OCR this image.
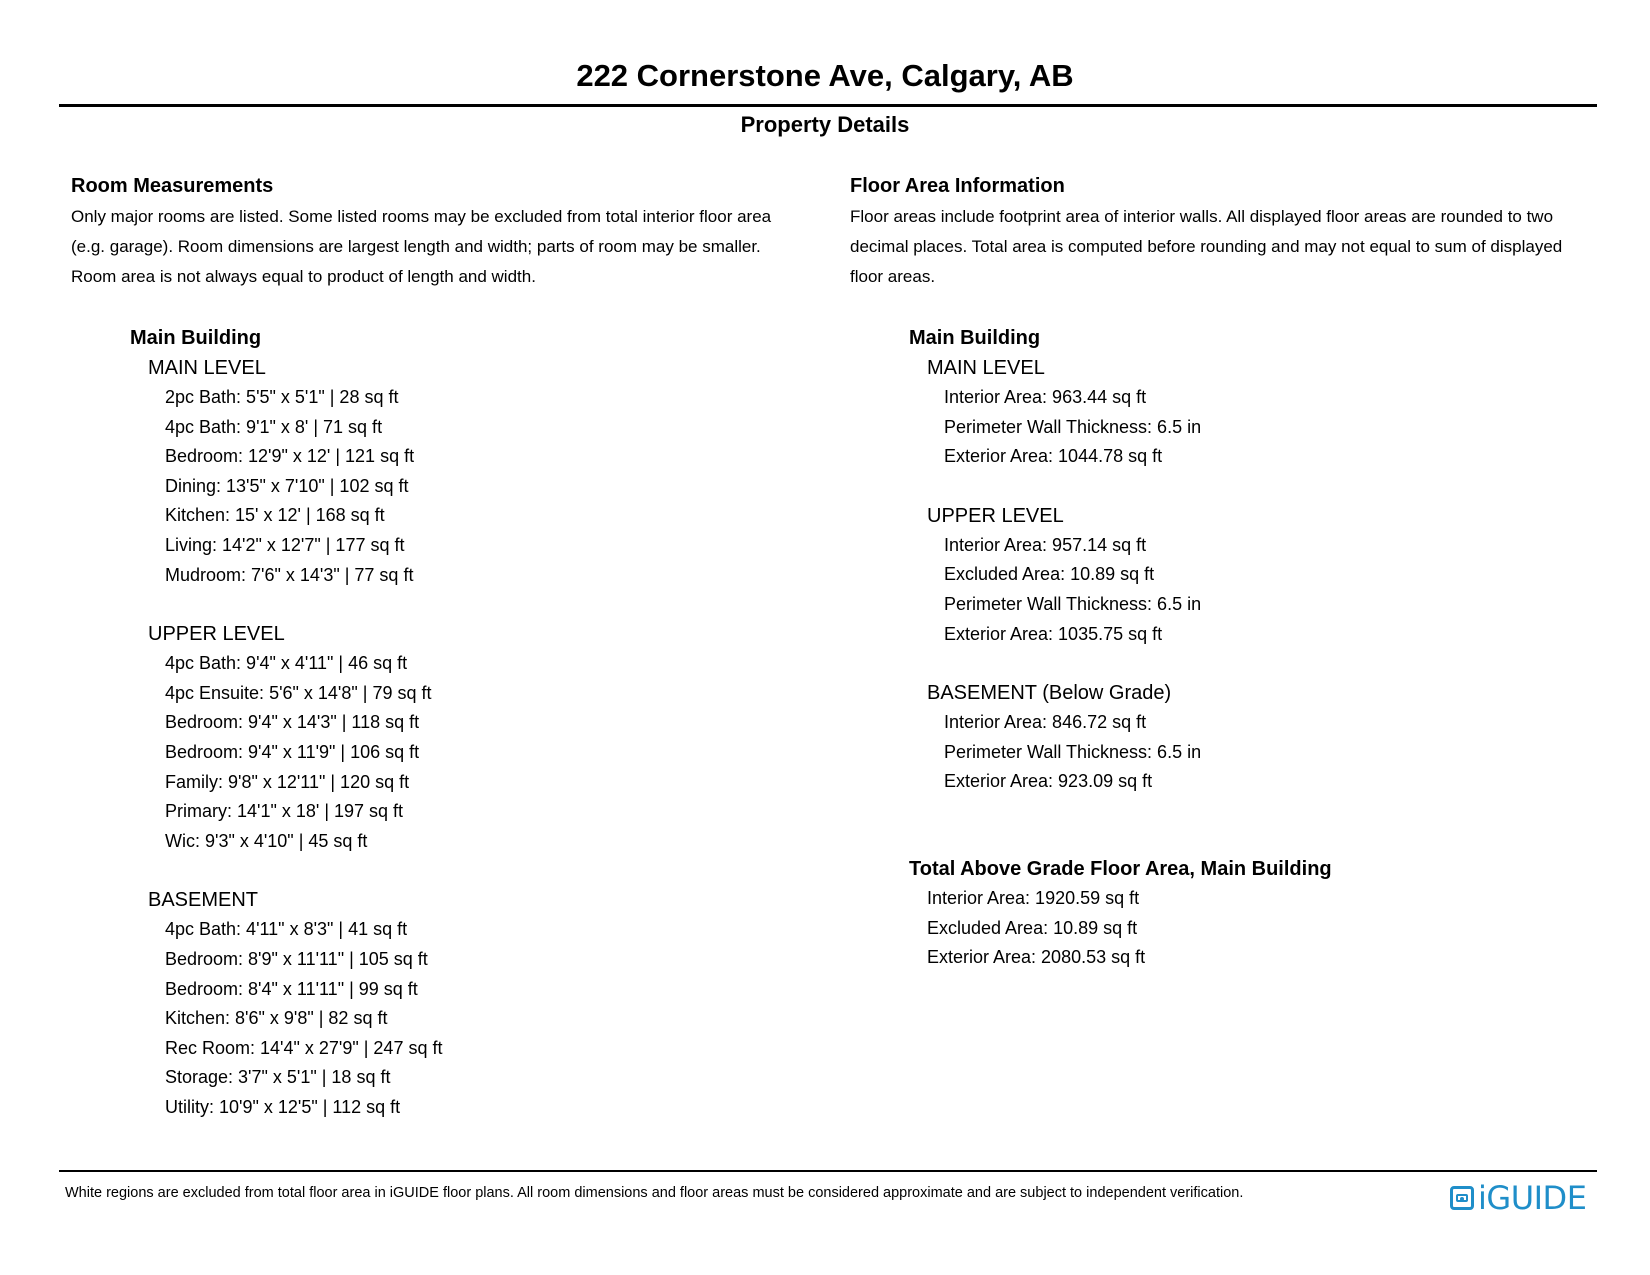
222 Cornerstone Ave, Calgary, AB
Property Details
Room Measurements
Only major rooms are listed. Some listed rooms may be excluded from total interior floor area
(e.g. garage). Room dimensions are largest length and width; parts of room may be smaller.
Room area is not always equal to product of length and width.
Main Building
MAIN LEVEL
2pc Bath: 5'5" x 5'1" | 28 sq ft
4pc Bath: 9'1" x 8' | 71 sq ft
Bedroom: 12'9" x 12' | 121 sq ft
Dining: 13'5" x 7'10" | 102 sq ft
Kitchen: 15' x 12' | 168 sq ft
Living: 14'2" x 12'7" | 177 sq ft
Mudroom: 7'6" x 14'3" | 77 sq ft
UPPER LEVEL
4pc Bath: 9'4" x 4'11" | 46 sq ft
4pc Ensuite: 5'6" x 14'8" | 79 sq ft
Bedroom: 9'4" x 14'3" | 118 sq ft
Bedroom: 9'4" x 11'9" | 106 sq ft
Family: 9'8" x 12'11" | 120 sq ft
Primary: 14'1" x 18' | 197 sq ft
Wic: 9'3" x 4'10" | 45 sq ft
BASEMENT
4pc Bath: 4'11" x 8'3" | 41 sq ft
Bedroom: 8'9" x 11'11" | 105 sq ft
Bedroom: 8'4" x 11'11" | 99 sq ft
Kitchen: 8'6" x 9'8" | 82 sq ft
Rec Room: 14'4" x 27'9" | 247 sq ft
Storage: 3'7" x 5'1" | 18 sq ft
Utility: 10'9" x 12'5" | 112 sq ft
Floor Area Information
Floor areas include footprint area of interior walls. All displayed floor areas are rounded to two
decimal places. Total area is computed before rounding and may not equal to sum of displayed
floor areas.
Main Building
MAIN LEVEL
Interior Area: 963.44 sq ft
Perimeter Wall Thickness: 6.5 in
Exterior Area: 1044.78 sq ft
UPPER LEVEL
Interior Area: 957.14 sq ft
Excluded Area: 10.89 sq ft
Perimeter Wall Thickness: 6.5 in
Exterior Area: 1035.75 sq ft
BASEMENT (Below Grade)
Interior Area: 846.72 sq ft
Perimeter Wall Thickness: 6.5 in
Exterior Area: 923.09 sq ft
Total Above Grade Floor Area, Main Building
Interior Area: 1920.59 sq ft
Excluded Area: 10.89 sq ft
Exterior Area: 2080.53 sq ft
White regions are excluded from total floor area in iGUIDE floor plans. All room dimensions and floor areas must be considered approximate and are subject to independent verification.	iGUIDE
